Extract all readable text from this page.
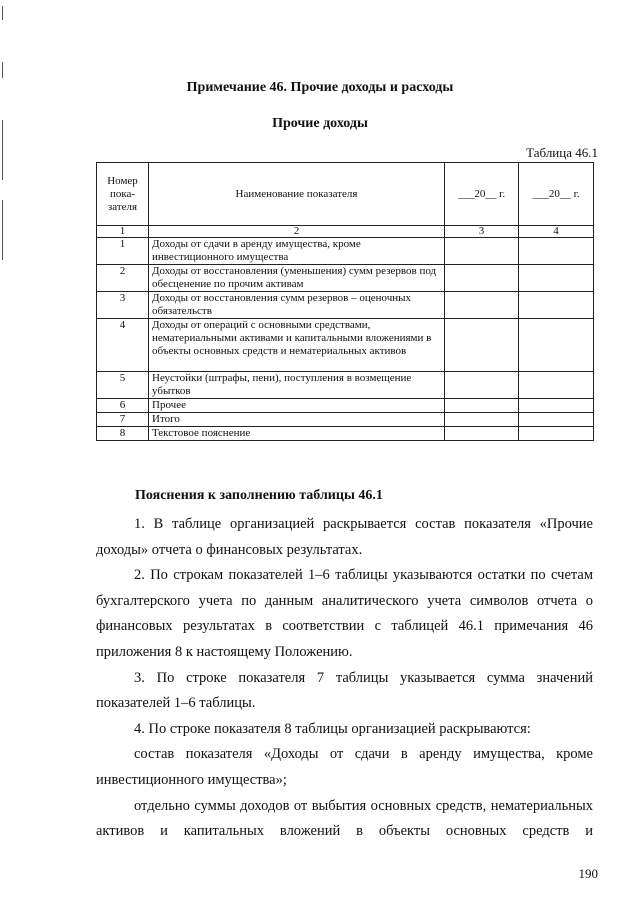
Примечание 46. Прочие доходы и расходы
Прочие доходы
Таблица 46.1
Номер пока-зателя	Наименование показателя	___20__ г.	___20__ г.
1	2	3	4
1	Доходы от сдачи в аренду имущества, кроме инвестиционного имущества		
2	Доходы от восстановления (уменьшения) сумм резервов под обесценение по прочим активам		
3	Доходы от восстановления сумм резервов – оценочных обязательств		
4	Доходы от операций с основными средствами, нематериальными активами и капитальными вложениями в объекты основных средств и нематериальных активов		
5	Неустойки (штрафы, пени), поступления в возмещение убытков		
6	Прочее		
7	Итого		
8	Текстовое пояснение		
Пояснения к заполнению таблицы 46.1

1. В таблице организацией раскрывается состав показателя «Прочие доходы» отчета о финансовых результатах.

2. По строкам показателей 1–6 таблицы указываются остатки по счетам бухгалтерского учета по данным аналитического учета символов отчета о финансовых результатах в соответствии с таблицей 46.1 примечания 46 приложения 8 к настоящему Положению.

3. По строке показателя 7 таблицы указывается сумма значений показателей 1–6 таблицы.

4. По строке показателя 8 таблицы организацией раскрываются:

состав показателя «Доходы от сдачи в аренду имущества, кроме инвестиционного имущества»;

отдельно суммы доходов от выбытия основных средств, нематериальных активов и капитальных вложений в объекты основных средств и

190
